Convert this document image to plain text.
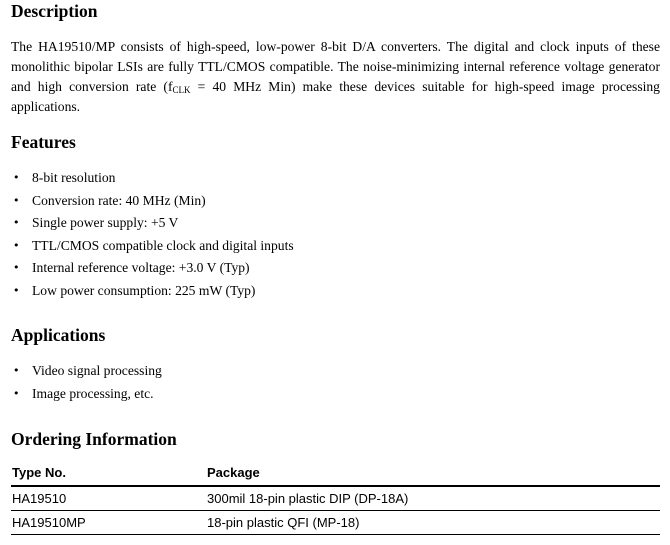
Description
The HA19510/MP consists of high-speed, low-power 8-bit D/A converters. The digital and clock inputs of these monolithic bipolar LSIs are fully TTL/CMOS compatible. The noise-minimizing internal reference voltage generator and high conversion rate ($f_{CLK} = 40$ MHz Min) make these devices suitable for high-speed image processing applications.
Features
• 8-bit resolution
• Conversion rate: 40 MHz (Min)
• Single power supply: +5 V
• TTL/CMOS compatible clock and digital inputs
• Internal reference voltage: +3.0 V (Typ)
• Low power consumption: 225 mW (Typ)
Applications
• Video signal processing
• Image processing, etc.
Ordering Information
Type No.	Package
HA19510	300mil 18-pin plastic DIP (DP-18A)
HA19510MP	18-pin plastic QFI (MP-18)
